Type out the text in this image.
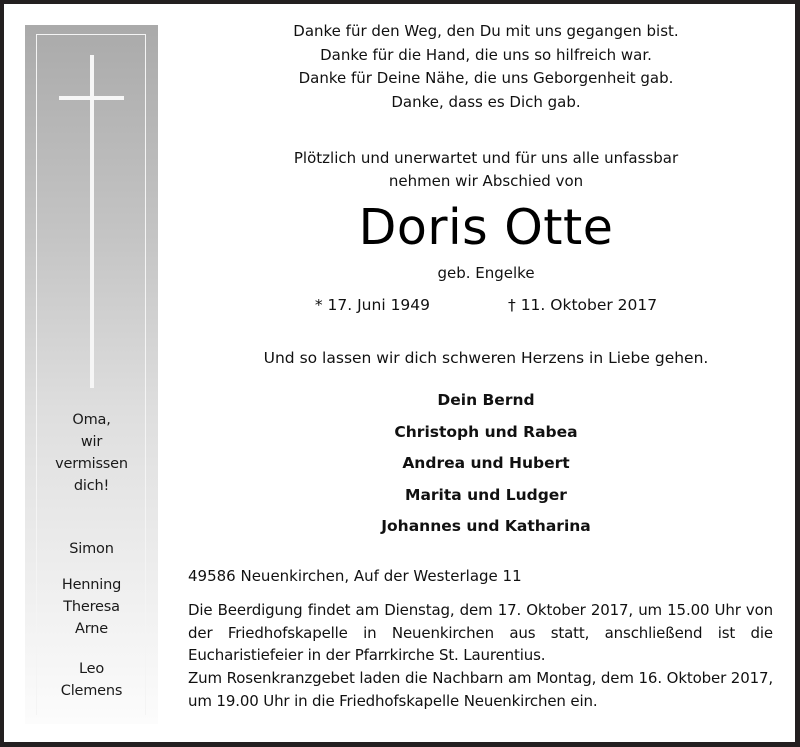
Oma,
wir
vermissen
dich!
Simon
Henning
Theresa
Arne
Leo
Clemens
Danke für den Weg, den Du mit uns gegangen bist.
Danke für die Hand, die uns so hilfreich war.
Danke für Deine Nähe, die uns Geborgenheit gab.
Danke, dass es Dich gab.
Plötzlich und unerwartet und für uns alle unfassbar
nehmen wir Abschied von
Doris Otte
geb. Engelke
* 17. Juni 1949	† 11. Oktober 2017
Und so lassen wir dich schweren Herzens in Liebe gehen.
Dein Bernd
Christoph und Rabea
Andrea und Hubert
Marita und Ludger
Johannes und Katharina
49586 Neuenkirchen, Auf der Westerlage 11
Die Beerdigung findet am Dienstag, dem 17. Oktober 2017, um 15.00 Uhr von der Friedhofskapelle in Neuenkirchen aus statt, anschließend ist die Eucharistiefeier in der Pfarrkirche St. Laurentius.
Zum Rosenkranzgebet laden die Nachbarn am Montag, dem 16. Oktober 2017, um 19.00 Uhr in die Friedhofskapelle Neuenkirchen ein.
